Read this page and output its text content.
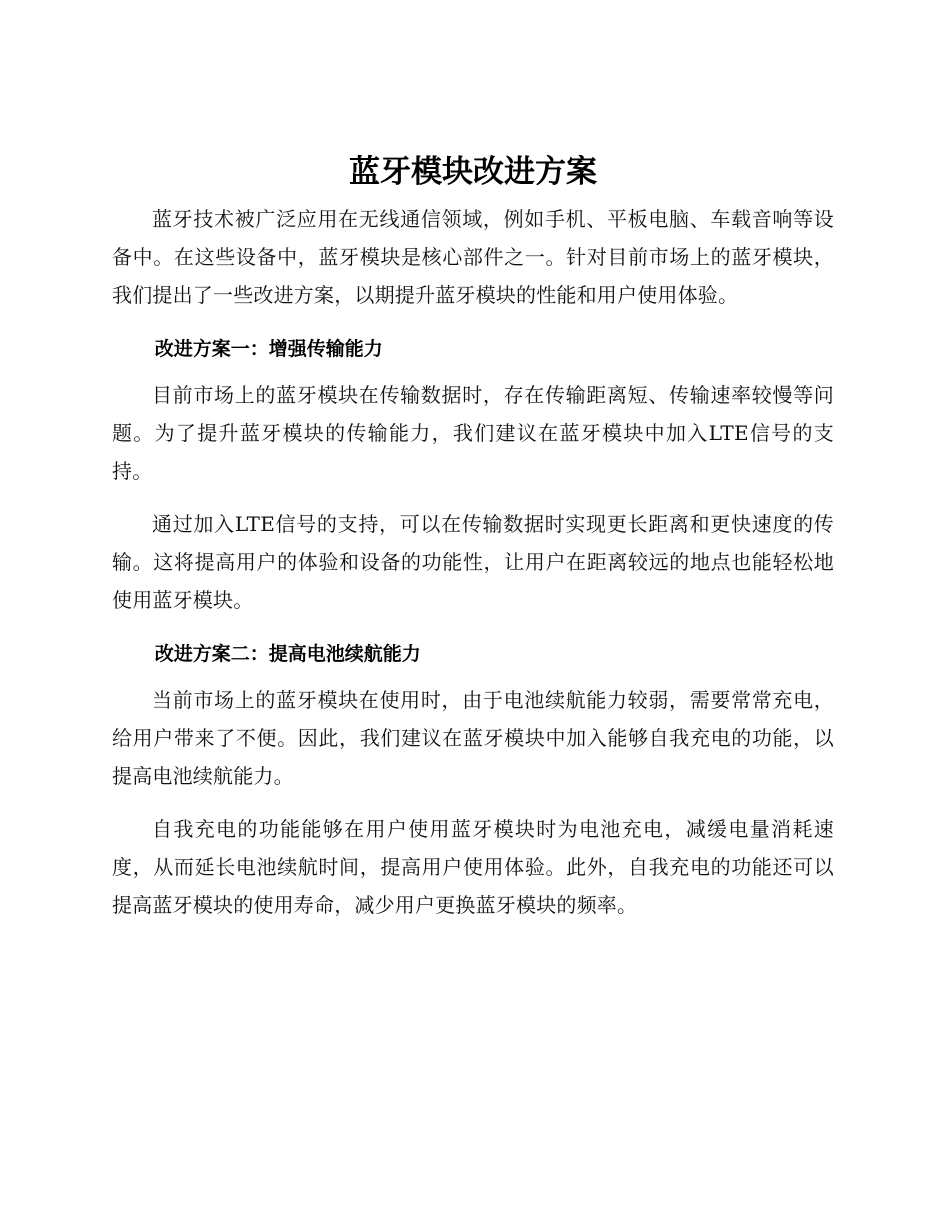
蓝牙模块改进方案

蓝牙技术被广泛应用在无线通信领域，例如手机、平板电脑、车载音响等设备中。在这些设备中，蓝牙模块是核心部件之一。针对目前市场上的蓝牙模块，我们提出了一些改进方案，以期提升蓝牙模块的性能和用户使用体验。

改进方案一：增强传输能力

目前市场上的蓝牙模块在传输数据时，存在传输距离短、传输速率较慢等问题。为了提升蓝牙模块的传输能力，我们建议在蓝牙模块中加入LTE信号的支持。

通过加入LTE信号的支持，可以在传输数据时实现更长距离和更快速度的传输。这将提高用户的体验和设备的功能性，让用户在距离较远的地点也能轻松地使用蓝牙模块。

改进方案二：提高电池续航能力

当前市场上的蓝牙模块在使用时，由于电池续航能力较弱，需要常常充电，给用户带来了不便。因此，我们建议在蓝牙模块中加入能够自我充电的功能，以提高电池续航能力。

自我充电的功能能够在用户使用蓝牙模块时为电池充电，减缓电量消耗速度，从而延长电池续航时间，提高用户使用体验。此外，自我充电的功能还可以提高蓝牙模块的使用寿命，减少用户更换蓝牙模块的频率。
